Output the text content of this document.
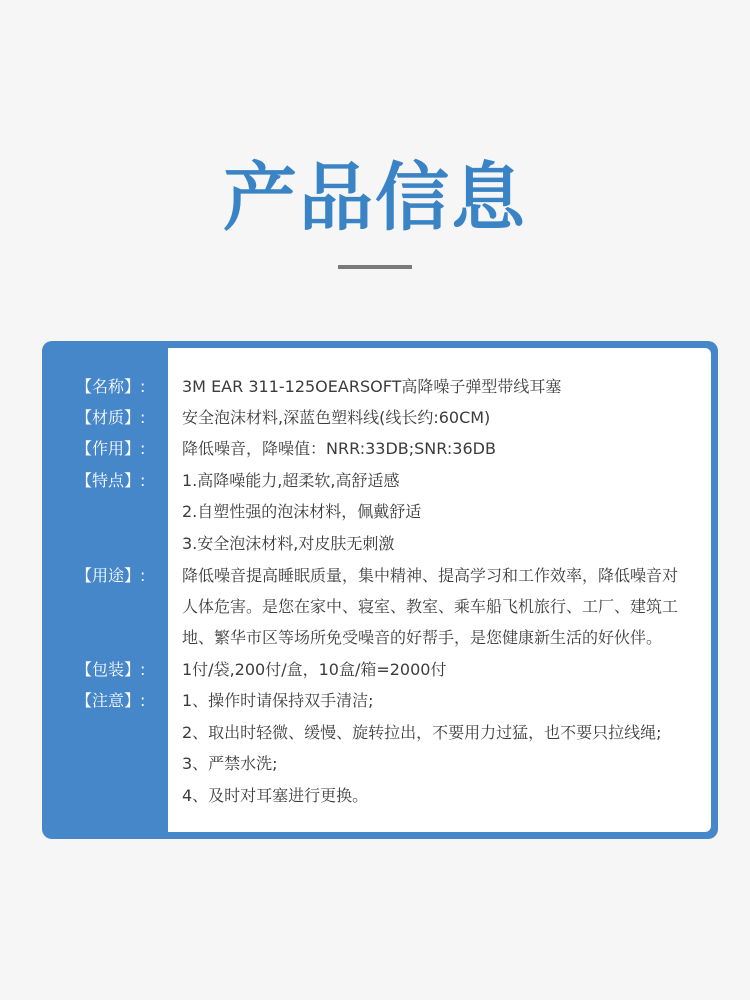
产品信息
【名称】:	3M EAR 311-125OEARSOFT高降噪子弹型带线耳塞
【材质】:	安全泡沫材料,深蓝色塑料线(线长约:60CM)
【作用】:	降低噪音，降噪值：NRR:33DB;SNR:36DB
【特点】:	1.高降噪能力,超柔软,高舒适感
2.自塑性强的泡沫材料，佩戴舒适
3.安全泡沫材料,对皮肤无刺激
【用途】:	降低噪音提高睡眠质量，集中精神、提高学习和工作效率，降低噪音对
人体危害。是您在家中、寝室、教室、乘车船飞机旅行、工厂、建筑工
地、繁华市区等场所免受噪音的好帮手，是您健康新生活的好伙伴。
【包装】:	1付/袋,200付/盒，10盒/箱=2000付
【注意】:	1、操作时请保持双手清洁;
2、取出时轻微、缓慢、旋转拉出，不要用力过猛，也不要只拉线绳;
3、严禁水洗;
4、及时对耳塞进行更换。
